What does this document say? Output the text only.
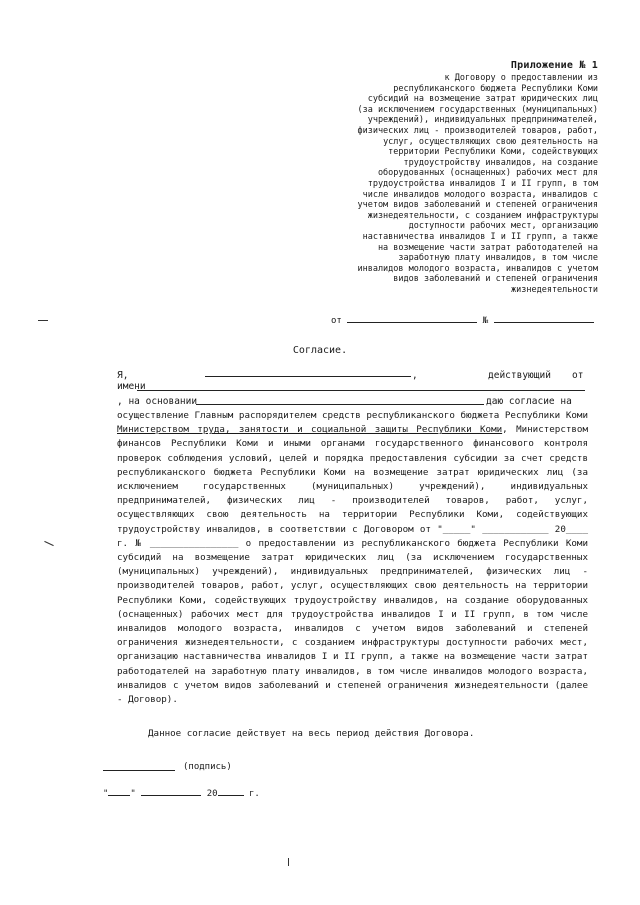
Приложение № 1
к Договору о предоставлении из
республиканского бюджета Республики Коми
субсидий на возмещение затрат юридических лиц
(за исключением государственных (муниципальных)
учреждений), индивидуальных предпринимателей,
физических лиц - производителей товаров, работ,
услуг, осуществляющих свою деятельность на
территории Республики Коми, содействующих
трудоустройству инвалидов, на создание
оборудованных (оснащенных) рабочих мест для
трудоустройства инвалидов I и II групп, в том
числе инвалидов молодого возраста, инвалидов с
учетом видов заболеваний и степеней ограничения
жизнедеятельности, с созданием инфраструктуры
доступности рабочих мест, организацию
наставничества инвалидов I и II групп, а также
на возмещение части затрат работодателей на
заработную плату инвалидов, в том числе
инвалидов молодого возраста, инвалидов с учетом
видов заболеваний и степеней ограничения
жизнедеятельности
от	№
Согласие.
Я,	,	действующий от
имени
, на основании	даю согласие на

осуществление Главным распорядителем средств республиканского бюджета Республики Коми Министерством труда, занятости и социальной защиты Республики Коми, Министерством финансов Республики Коми и иными органами государственного финансового контроля проверок соблюдения условий, целей и порядка предоставления субсидии за счет средств республиканского бюджета Республики Коми на возмещение затрат юридических лиц (за исключением государственных (муниципальных) учреждений), индивидуальных предпринимателей, физических лиц - производителей товаров, работ, услуг, осуществляющих свою деятельность на территории Республики Коми, содействующих трудоустройству инвалидов, в соответствии с Договором от "_____" ____________ 20____ г. № ________________ о предоставлении из республиканского бюджета Республики Коми субсидий на возмещение затрат юридических лиц (за исключением государственных (муниципальных) учреждений), индивидуальных предпринимателей, физических лиц - производителей товаров, работ, услуг, осуществляющих свою деятельность на территории Республики Коми, содействующих трудоустройству инвалидов, на создание оборудованных (оснащенных) рабочих мест для трудоустройства инвалидов I и II групп, в том числе инвалидов молодого возраста, инвалидов с учетом видов заболеваний и степеней ограничения жизнедеятельности, с созданием инфраструктуры доступности рабочих мест, организацию наставничества инвалидов I и II групп, а также на возмещение части затрат работодателей на заработную плату инвалидов, в том числе инвалидов молодого возраста, инвалидов с учетом видов заболеваний и степеней ограничения жизнедеятельности (далее - Договор).

Данное согласие действует на весь период действия Договора.
(подпись)
" "	20	г.
